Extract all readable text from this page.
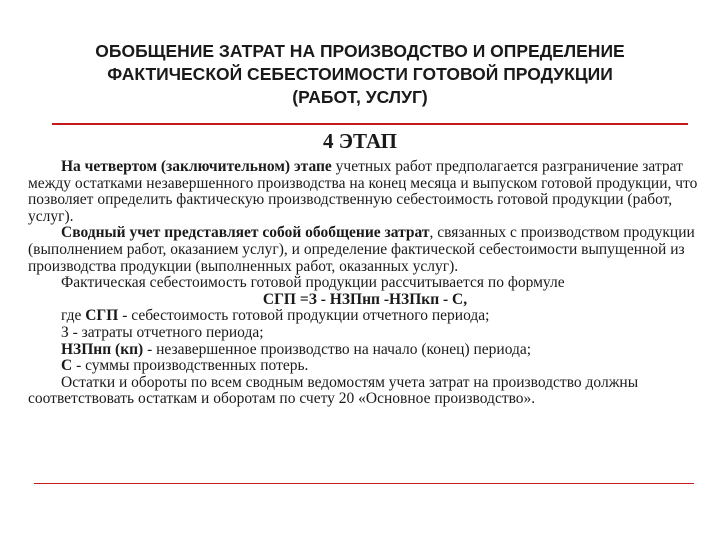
ОБОБЩЕНИЕ ЗАТРАТ НА ПРОИЗВОДСТВО И ОПРЕДЕЛЕНИЕ
ФАКТИЧЕСКОЙ СЕБЕСТОИМОСТИ ГОТОВОЙ ПРОДУКЦИИ
(РАБОТ, УСЛУГ)
4 ЭТАП

На четвертом (заключительном) этапе учетных работ предполагается разграничение затрат между остатками незавершенного производства на конец месяца и выпуском готовой продукции, что позволяет определить фактическую производственную себестоимость готовой продукции (работ, услуг).

Сводный учет представляет собой обобщение затрат, связанных с производством продукции (выполнением работ, оказанием услуг), и определение фактической себестоимости выпущенной из производства продукции (выполненных работ, оказанных услуг).

Фактическая себестоимость готовой продукции рассчитывается по формуле

СГП =З - НЗПнп -НЗПкп - С,

где СГП - себестоимость готовой продукции отчетного периода;

З - затраты отчетного периода;

НЗПнп (кп) - незавершенное производство на начало (конец) периода;

С - суммы производственных потерь.

Остатки и обороты по всем сводным ведомостям учета затрат на производство должны соответствовать остаткам и оборотам по счету 20 «Основное производство».
